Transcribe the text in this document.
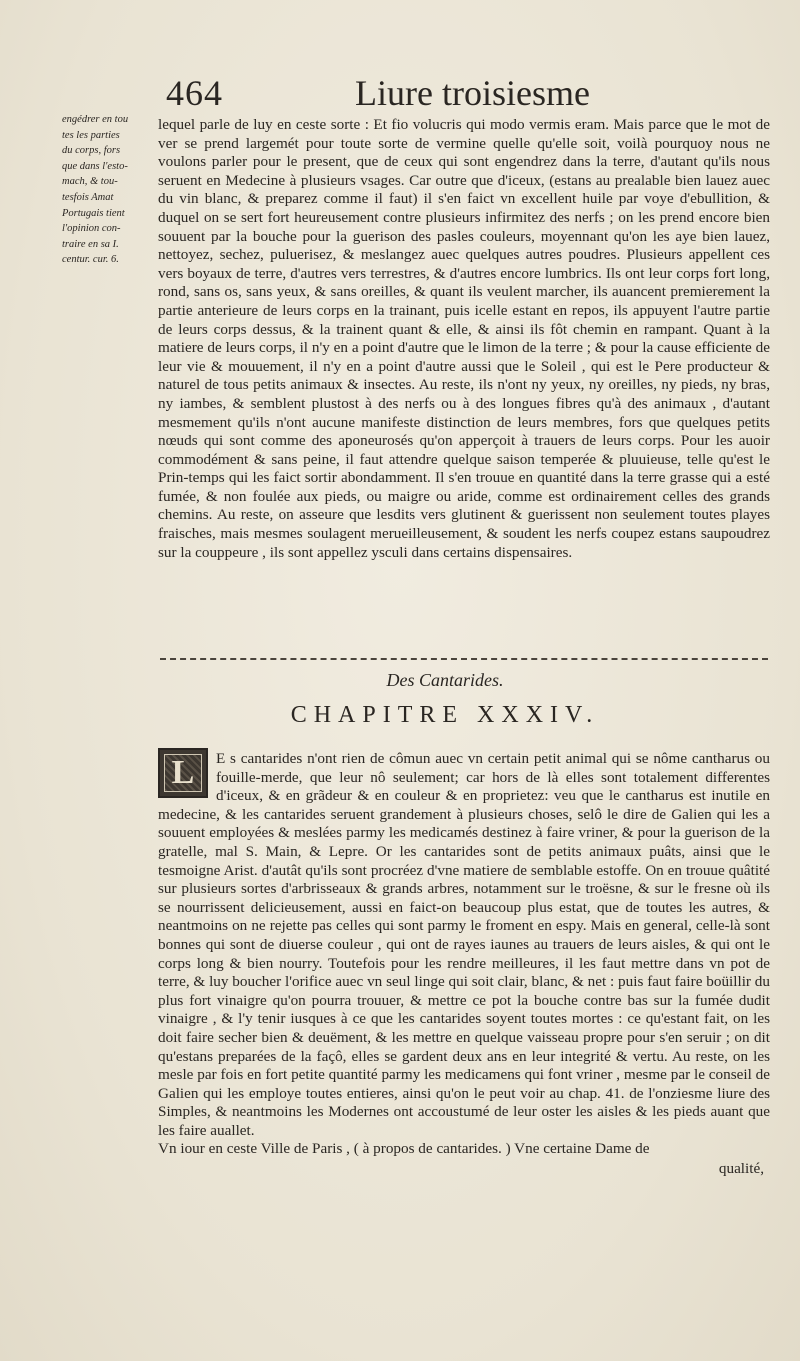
464	Liure troisiesme
engédrer en tou
tes les parties
du corps, fors
que dans l'esto-
mach, & tou-
tesfois Amat
Portugais tient
l'opinion con-
traire en sa I.
centur. cur. 6.

lequel parle de luy en ceste sorte : Et fio volucris qui modo vermis eram. Mais parce que le mot de ver se prend largemét pour toute sorte de vermine quelle qu'elle soit, voilà pourquoy nous ne voulons parler pour le present, que de ceux qui sont engendrez dans la terre, d'autant qu'ils nous seruent en Medecine à plusieurs vsages. Car outre que d'iceux, (estans au prealable bien lauez auec du vin blanc, & preparez comme il faut) il s'en faict vn excellent huile par voye d'ebullition, & duquel on se sert fort heureusement contre plusieurs infirmitez des nerfs ; on les prend encore bien souuent par la bouche pour la guerison des pasles couleurs, moyennant qu'on les aye bien lauez, nettoyez, sechez, puluerisez, & meslangez auec quelques autres poudres. Plusieurs appellent ces vers boyaux de terre, d'autres vers terrestres, & d'autres encore lumbrics. Ils ont leur corps fort long, rond, sans os, sans yeux, & sans oreilles, & quant ils veulent marcher, ils auancent premierement la partie anterieure de leurs corps en la trainant, puis icelle estant en repos, ils appuyent l'autre partie de leurs corps dessus, & la trainent quant & elle, & ainsi ils fôt chemin en rampant. Quant à la matiere de leurs corps, il n'y en a point d'autre que le limon de la terre ; & pour la cause efficiente de leur vie & mouuement, il n'y en a point d'autre aussi que le Soleil , qui est le Pere producteur & naturel de tous petits animaux & insectes. Au reste, ils n'ont ny yeux, ny oreilles, ny pieds, ny bras, ny iambes, & semblent plustost à des nerfs ou à des longues fibres qu'à des animaux , d'autant mesmement qu'ils n'ont aucune manifeste distinction de leurs membres, fors que quelques petits nœuds qui sont comme des aponeurosés qu'on apperçoit à trauers de leurs corps. Pour les auoir commodément & sans peine, il faut attendre quelque saison temperée & pluuieuse, telle qu'est le Prin-temps qui les faict sortir abondamment. Il s'en trouue en quantité dans la terre grasse qui a esté fumée, & non foulée aux pieds, ou maigre ou aride, comme est ordinairement celles des grands chemins. Au reste, on asseure que lesdits vers glutinent & guerissent non seulement toutes playes fraisches, mais mesmes soulagent merueilleusement, & soudent les nerfs coupez estans saupoudrez sur la couppeure , ils sont appellez ysculi dans certains dispensaires.

Des Cantarides.
CHAPITRE XXXIV.
L	E s cantarides n'ont rien de cômun auec vn certain petit animal qui se nôme cantharus ou fouille-merde, que leur nô seulement; car hors de là elles sont totalement differentes d'iceux, & en grãdeur & en couleur & en proprietez: veu que le cantharus est inutile en medecine, & les cantarides seruent grandement à plusieurs choses, selô le dire de Galien qui les a souuent employées & meslées parmy les medicamés destinez à faire vriner, & pour la guerison de la gratelle, mal S. Main, & Lepre. Or les cantarides sont de petits animaux puâts, ainsi que le tesmoigne Arist. d'autât qu'ils sont procréez d'vne matiere de semblable estoffe. On en trouue quâtité sur plusieurs sortes d'arbrisseaux & grands arbres, notamment sur le troësne, & sur le fresne où ils se nourrissent delicieusement, aussi en faict-on beaucoup plus estat, que de toutes les autres, & neantmoins on ne rejette pas celles qui sont parmy le froment en espy. Mais en general, celle-là sont bonnes qui sont de diuerse couleur , qui ont de rayes iaunes au trauers de leurs aisles, & qui ont le corps long & bien nourry. Toutefois pour les rendre meilleures, il les faut mettre dans vn pot de terre, & luy boucher l'orifice auec vn seul linge qui soit clair, blanc, & net : puis faut faire boüillir du plus fort vinaigre qu'on pourra trouuer, & mettre ce pot la bouche contre bas sur la fumée dudit vinaigre , & l'y tenir iusques à ce que les cantarides soyent toutes mortes : ce qu'estant fait, on les doit faire secher bien & deuëment, & les mettre en quelque vaisseau propre pour s'en seruir ; on dit qu'estans preparées de la façô, elles se gardent deux ans en leur integrité & vertu. Au reste, on les mesle par fois en fort petite quantité parmy les medicamens qui font vriner , mesme par le conseil de Galien qui les employe toutes entieres, ainsi qu'on le peut voir au chap. 41. de l'onziesme liure des Simples, & neantmoins les Modernes ont accoustumé de leur oster les aisles & les pieds auant que les faire auallet.

Vn iour en ceste Ville de Paris , ( à propos de cantarides. ) Vne certaine Dame de

qualité,
